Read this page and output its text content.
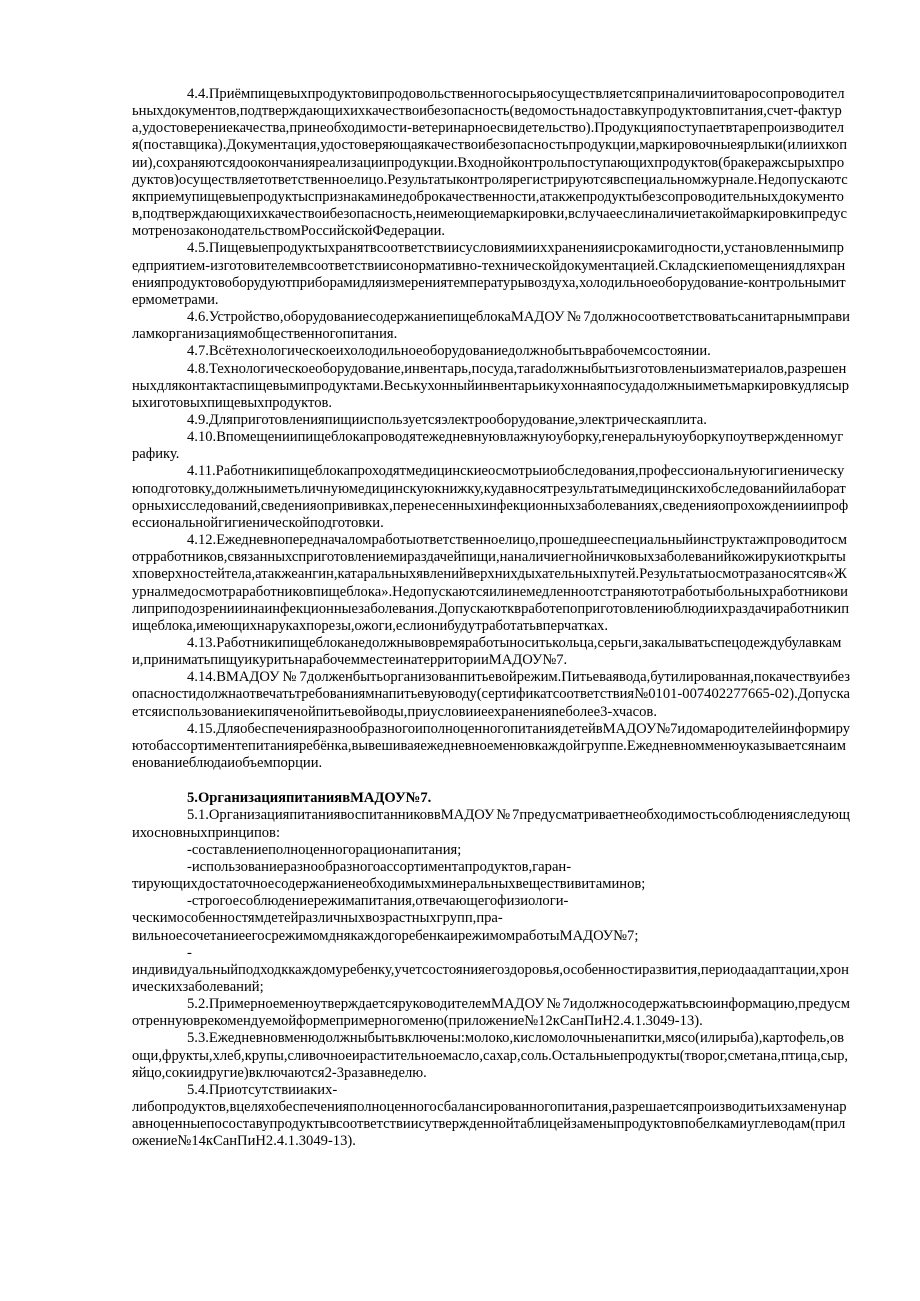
4.4.Приёмпищевыхпродуктовипродовольственногосырьяосуществляетсяприналичиитоваросопроводительныхдокументов,подтверждающихихкачествоибезопасность(ведомостьнадоставкупродуктовпитания,счет-фактура,удостоверениекачества,принеобходимости-ветеринарноесвидетельство).Продукцияпоступаетвтарепроизводителя(поставщика).Документация,удостоверяющаякачествоибезопасностьпродукции,маркировочныеярлыки(илиихкопии),сохраняютсядоокончанияреализациипродукции.Входнойконтрольпоступающихпродуктов(бракеражсырыхпродуктов)осуществляетответственноелицо.Результатыконтролярегистрируютсявспециальномжурнале.Недопускаютсякприемупищевыепродуктыспризнакаминедоброкачественности,атакжепродуктыбезсопроводительныхдокументов,подтверждающихихкачествоибезопасность,неимеющиемаркировки,вслучаееслиналичиетакоймаркировкипредусмотренозаконодательствомРоссийскойФедерации.

4.5.Пищевыепродуктыхранятвсоответствиисусловиямииххраненияисрокамигодности,установленнымипредприятием-изготовителемвсоответствиисонормативно-техническойдокументацией.Складскиепомещениядляхраненияпродуктовоборудуютприборамидляизмерениятемпературывоздуха,холодильноеоборудование-контрольнымитермометрами.

4.6.Устройство,оборудованиесодержаниепищеблокаМАДОУ№7должносоответствоватьсанитарнымправиламкорганизациямобщественногопитания.

4.7.Всётехнологическоеихолодильноеоборудованиедолжнобытьврабочемсостоянии.

4.8.Технологическоеоборудование,инвентарь,посуда,таradолжныбытьизготовленыизматериалов,разрешенныхдляконтактаспищевымипродуктами.Веськухонныйинвентарьикухоннаяпосудадолжныиметьмаркировкудлясырыхиготовыхпищевыхпродуктов.

4.9.Дляприготовленияпищииспользуетсяэлектрооборудование,электрическаяплита.

4.10.Впомещениипищеблокапроводятежедневнуювлажнуюуборку,генеральнуюуборкупоутвержденномуграфику.

4.11.Работникипищеблокапроходятмедицинскиеосмотрыиобследования,профессиональнуюгигиеническуюподготовку,должныиметьличнуюмедицинскуюкнижку,кудавносятрезультатымедицинскихобследованийилабораторныхисследований,сведенияопрививках,перенесенныхинфекционныхзаболеваниях,сведенияопрохожденииипрофессиональнойгигиеническойподготовки.

4.12.Ежедневнопередначаломработыответственноелицо,прошедшееспециальныйинструктажпроводитосмотрработников,связанныхсприготовлениемираздачейпищи,наналичиегнойничковыхзаболеванийкожирукиоткрытыхповерхностейтела,атакжеангин,катаральныхявленийверхнихдыхательныхпутей.Результатыосмотразаносятсяв«Журналмедосмотраработниковпищеблока».Недопускаютсяилинемедленноотстраняютотработыбольныхработниковилиприподозренииинаинфекционныезаболевания.Допускаютквработепоприготовлениюблюдиихраздачиработникипищеблока,имеющихнарукахпорезы,ожоги,еслионибудутработатьвперчатках.

4.13.Работникипищеблоканедолжнывовремяработыноситькольца,серьги,закалыватьспецодеждубулавками,приниматьпищуикуритьнарабочемместеинатерриторииМАДОУ№7.

4.14.ВМАДОУ№7долженбытьорганизованпитьевойрежим.Питьеваявода,бутилированная,покачествуибезопасностидолжнаотвечатьтребованиямнапитьевуюводу(сертификатсоответствия№0101-007402277665-02).Допускаетсяиспользованиекипяченойпитьевойводы,приусловииеехраненияnеболее3-хчасов.

4.15.ДляобеспеченияразнообразногоиполноценногопитаниядетейвМАДОУ№7идомародителейинформируютобассортиментепитанияребёнка,вывешиваяежедневноеменювкаждойгруппе.Ежедневномменюуказываетсянаименованиеблюдаиобъемпорции.

5.ОрганизацияпитаниявМАДОУ№7.

5.1.ОрганизацияпитаниявоспитанниковвМАДОУ№7предусматриваетнеобходимостьсоблюденияследующихосновныхпринципов:

-составлениеполноценногорационапитания;

-использованиеразнообразногоассортиментапродуктов,гаран-

тирующихдостаточноесодержаниенеобходимыхминеральныхвеществивитаминов;

-строгоесоблюдениережимапитания,отвечающегофизиологи-

ческимособенностямдетейразличныхвозрастныхгрупп,пра-

вильноесочетаниеегосрежимомднякаждогоребенкаирежимомработыМАДОУ№7;

-

индивидуальныйподходккаждомуребенку,учетсостоянияегоздоровья,особенностиразвития,периодаадаптации,хроническихзаболеваний;

5.2.ПримерноеменюутверждаетсяруководителемМАДОУ№7идолжносодержатьвсюинформацию,предусмотреннуюврекомендуемойформепримерногоменю(приложение№12кСанПиН2.4.1.3049-13).

5.3.Ежедневновменюдолжныбытьвключены:молоко,кисломолочныенапитки,мясо(илирыба),картофель,овощи,фрукты,хлеб,крупы,сливочноеирастительноемасло,сахар,соль.Остальныепродукты(творог,сметана,птица,сыр,яйцо,сокиидругие)включаются2-3разавнеделю.

5.4.Приотсутствииаких-

либопродуктов,вцеляхобеспеченияполноценногосбалансированногопитания,разрешаетсяпроизводитьихзаменунаравноценныепосоставупродуктывсоответствиисутвержденнойтаблицейзаменыпродуктовпобелкамиуглеводам(приложение№14кСанПиН2.4.1.3049-13).
